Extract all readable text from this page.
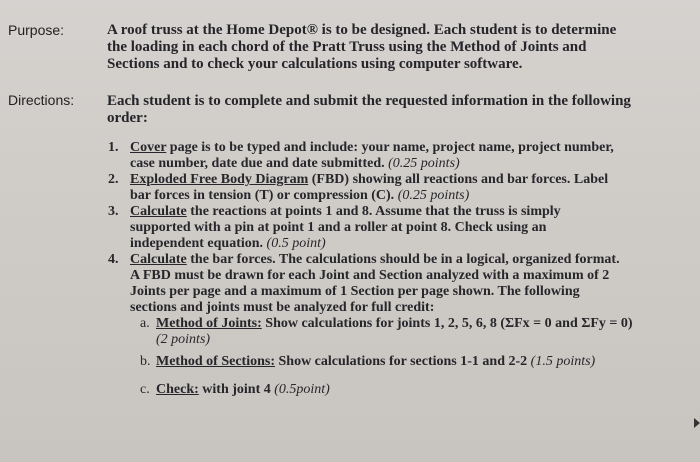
Purpose:	A roof truss at the Home Depot® is to be designed. Each student is to determine
the loading in each chord of the Pratt Truss using the Method of Joints and
Sections and to check your calculations using computer software.
Directions: Each student is to complete and submit the requested information in the following
order:
1. Cover page is to be typed and include: your name, project name, project number,
case number, date due and date submitted. (0.25 points)
2. Exploded Free Body Diagram (FBD) showing all reactions and bar forces. Label
bar forces in tension (T) or compression (C). (0.25 points)
3. Calculate the reactions at points 1 and 8. Assume that the truss is simply
supported with a pin at point 1 and a roller at point 8. Check using an
independent equation. (0.5 point)
4. Calculate the bar forces. The calculations should be in a logical, organized format.
A FBD must be drawn for each Joint and Section analyzed with a maximum of 2
Joints per page and a maximum of 1 Section per page shown. The following
sections and joints must be analyzed for full credit:
a. Method of Joints: Show calculations for joints 1, 2, 5, 6, 8 (ΣFx = 0 and ΣFy = 0)
(2 points)
b. Method of Sections: Show calculations for sections 1-1 and 2-2 (1.5 points)
c. Check: with joint 4 (0.5point)
